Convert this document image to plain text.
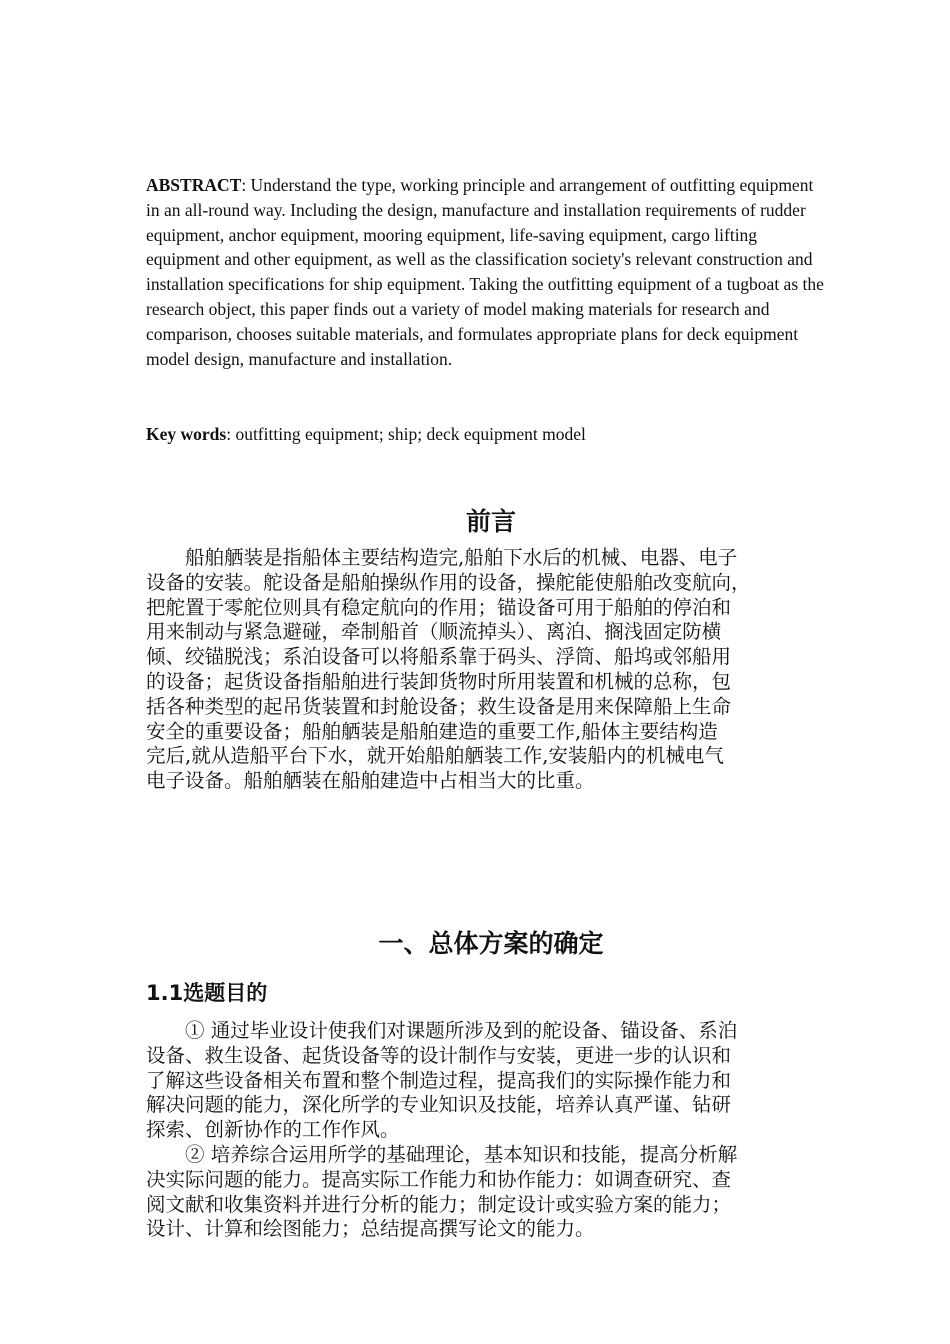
ABSTRACT: Understand the type, working principle and arrangement of outfitting equipment in an all-round way. Including the design, manufacture and installation requirements of rudder equipment, anchor equipment, mooring equipment, life-saving equipment, cargo lifting equipment and other equipment, as well as the classification society's relevant construction and installation specifications for ship equipment. Taking the outfitting equipment of a tugboat as the research object, this paper finds out a variety of model making materials for research and comparison, chooses suitable materials, and formulates appropriate plans for deck equipment model design, manufacture and installation.

Key words: outfitting equipment; ship; deck equipment model

前言

　　船舶舾装是指船体主要结构造完,船舶下水后的机械、电器、电子
设备的安装。舵设备是船舶操纵作用的设备，操舵能使船舶改变航向，
把舵置于零舵位则具有稳定航向的作用；锚设备可用于船舶的停泊和
用来制动与紧急避碰，牵制船首（顺流掉头）、离泊、搁浅固定防横
倾、绞锚脱浅；系泊设备可以将船系靠于码头、浮筒、船坞或邻船用
的设备；起货设备指船舶进行装卸货物时所用装置和机械的总称，包
括各种类型的起吊货装置和封舱设备；救生设备是用来保障船上生命
安全的重要设备；船舶舾装是船舶建造的重要工作,船体主要结构造
完后,就从造船平台下水，就开始船舶舾装工作,安装船内的机械电气
电子设备。船舶舾装在船舶建造中占相当大的比重。

一、总体方案的确定
1.1选题目的

　　① 通过毕业设计使我们对课题所涉及到的舵设备、锚设备、系泊
设备、救生设备、起货设备等的设计制作与安装，更进一步的认识和
了解这些设备相关布置和整个制造过程，提高我们的实际操作能力和
解决问题的能力，深化所学的专业知识及技能，培养认真严谨、钻研
探索、创新协作的工作作风。

　　② 培养综合运用所学的基础理论，基本知识和技能，提高分析解
决实际问题的能力。提高实际工作能力和协作能力：如调查研究、查
阅文献和收集资料并进行分析的能力；制定设计或实验方案的能力；
设计、计算和绘图能力；总结提高撰写论文的能力。
